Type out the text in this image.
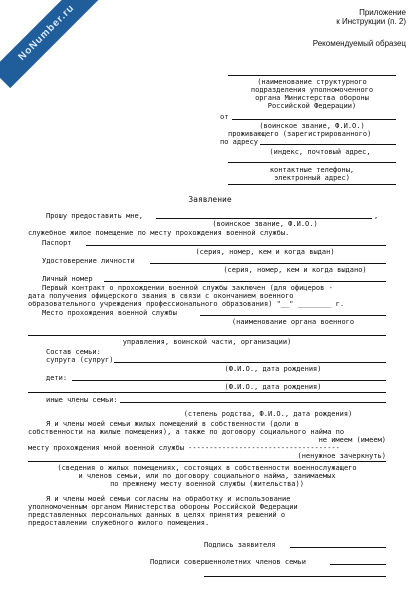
NoNumber.ru	Приложение
к Инструкции (п. 2)
Рекомендуемый образец
(наименование структурного
подразделения уполномоченного
органа Министерства обороны
Российской Федерации)
от
(воинское звание, Ф.И.О.)
проживающего (зарегистрированного)
по адресу
(индекс, почтовый адрес,
контактные телефоны,
электронный адрес)
Заявление
Прошу предоставить мне,	,
(воинское звание, Ф.И.О.)
служебное жилое помещение по месту прохождения военной службы.
Паспорт
(серия, номер, кем и когда выдан)
Удостоверение личности
(серия, номер, кем и когда выдано)
Личный номер
Первый контракт о прохождении военной службы заключен (для офицеров -
дата получения офицерского звания в связи с окончанием военного
образовательного учреждения профессионального образования) "__" ________ г.
Место прохождения военной службы
(наименование органа военного
управления, воинской части, организации)
Состав семьи:
супруга (супруг)
(Ф.И.О., дата рождения)
дети:
(Ф.И.О., дата рождения)
иные члены семьи:
(степень родства, Ф.И.О., дата рождения)
Я и члены моей семьи жилых помещений в собственности (доли в
собственности на жилые помещения), а также по договору социального найма по
не имеем (имеем)
месту прохождения мной военной службы ------------------------------------
(ненужное зачеркнуть)
(сведения о жилых помещениях, состоящих в собственности военнослужащего
и членов семьи, или по договору социального найма, занимаемых
по прежнему месту военной службы (жительства))
Я и члены моей семьи согласны на обработку и использование
уполномоченным органом Министерства обороны Российской Федерации
представленных персональных данных в целях принятия решений о
предоставлении служебного жилого помещения.
Подпись заявителя
Подписи совершеннолетних членов семьи
